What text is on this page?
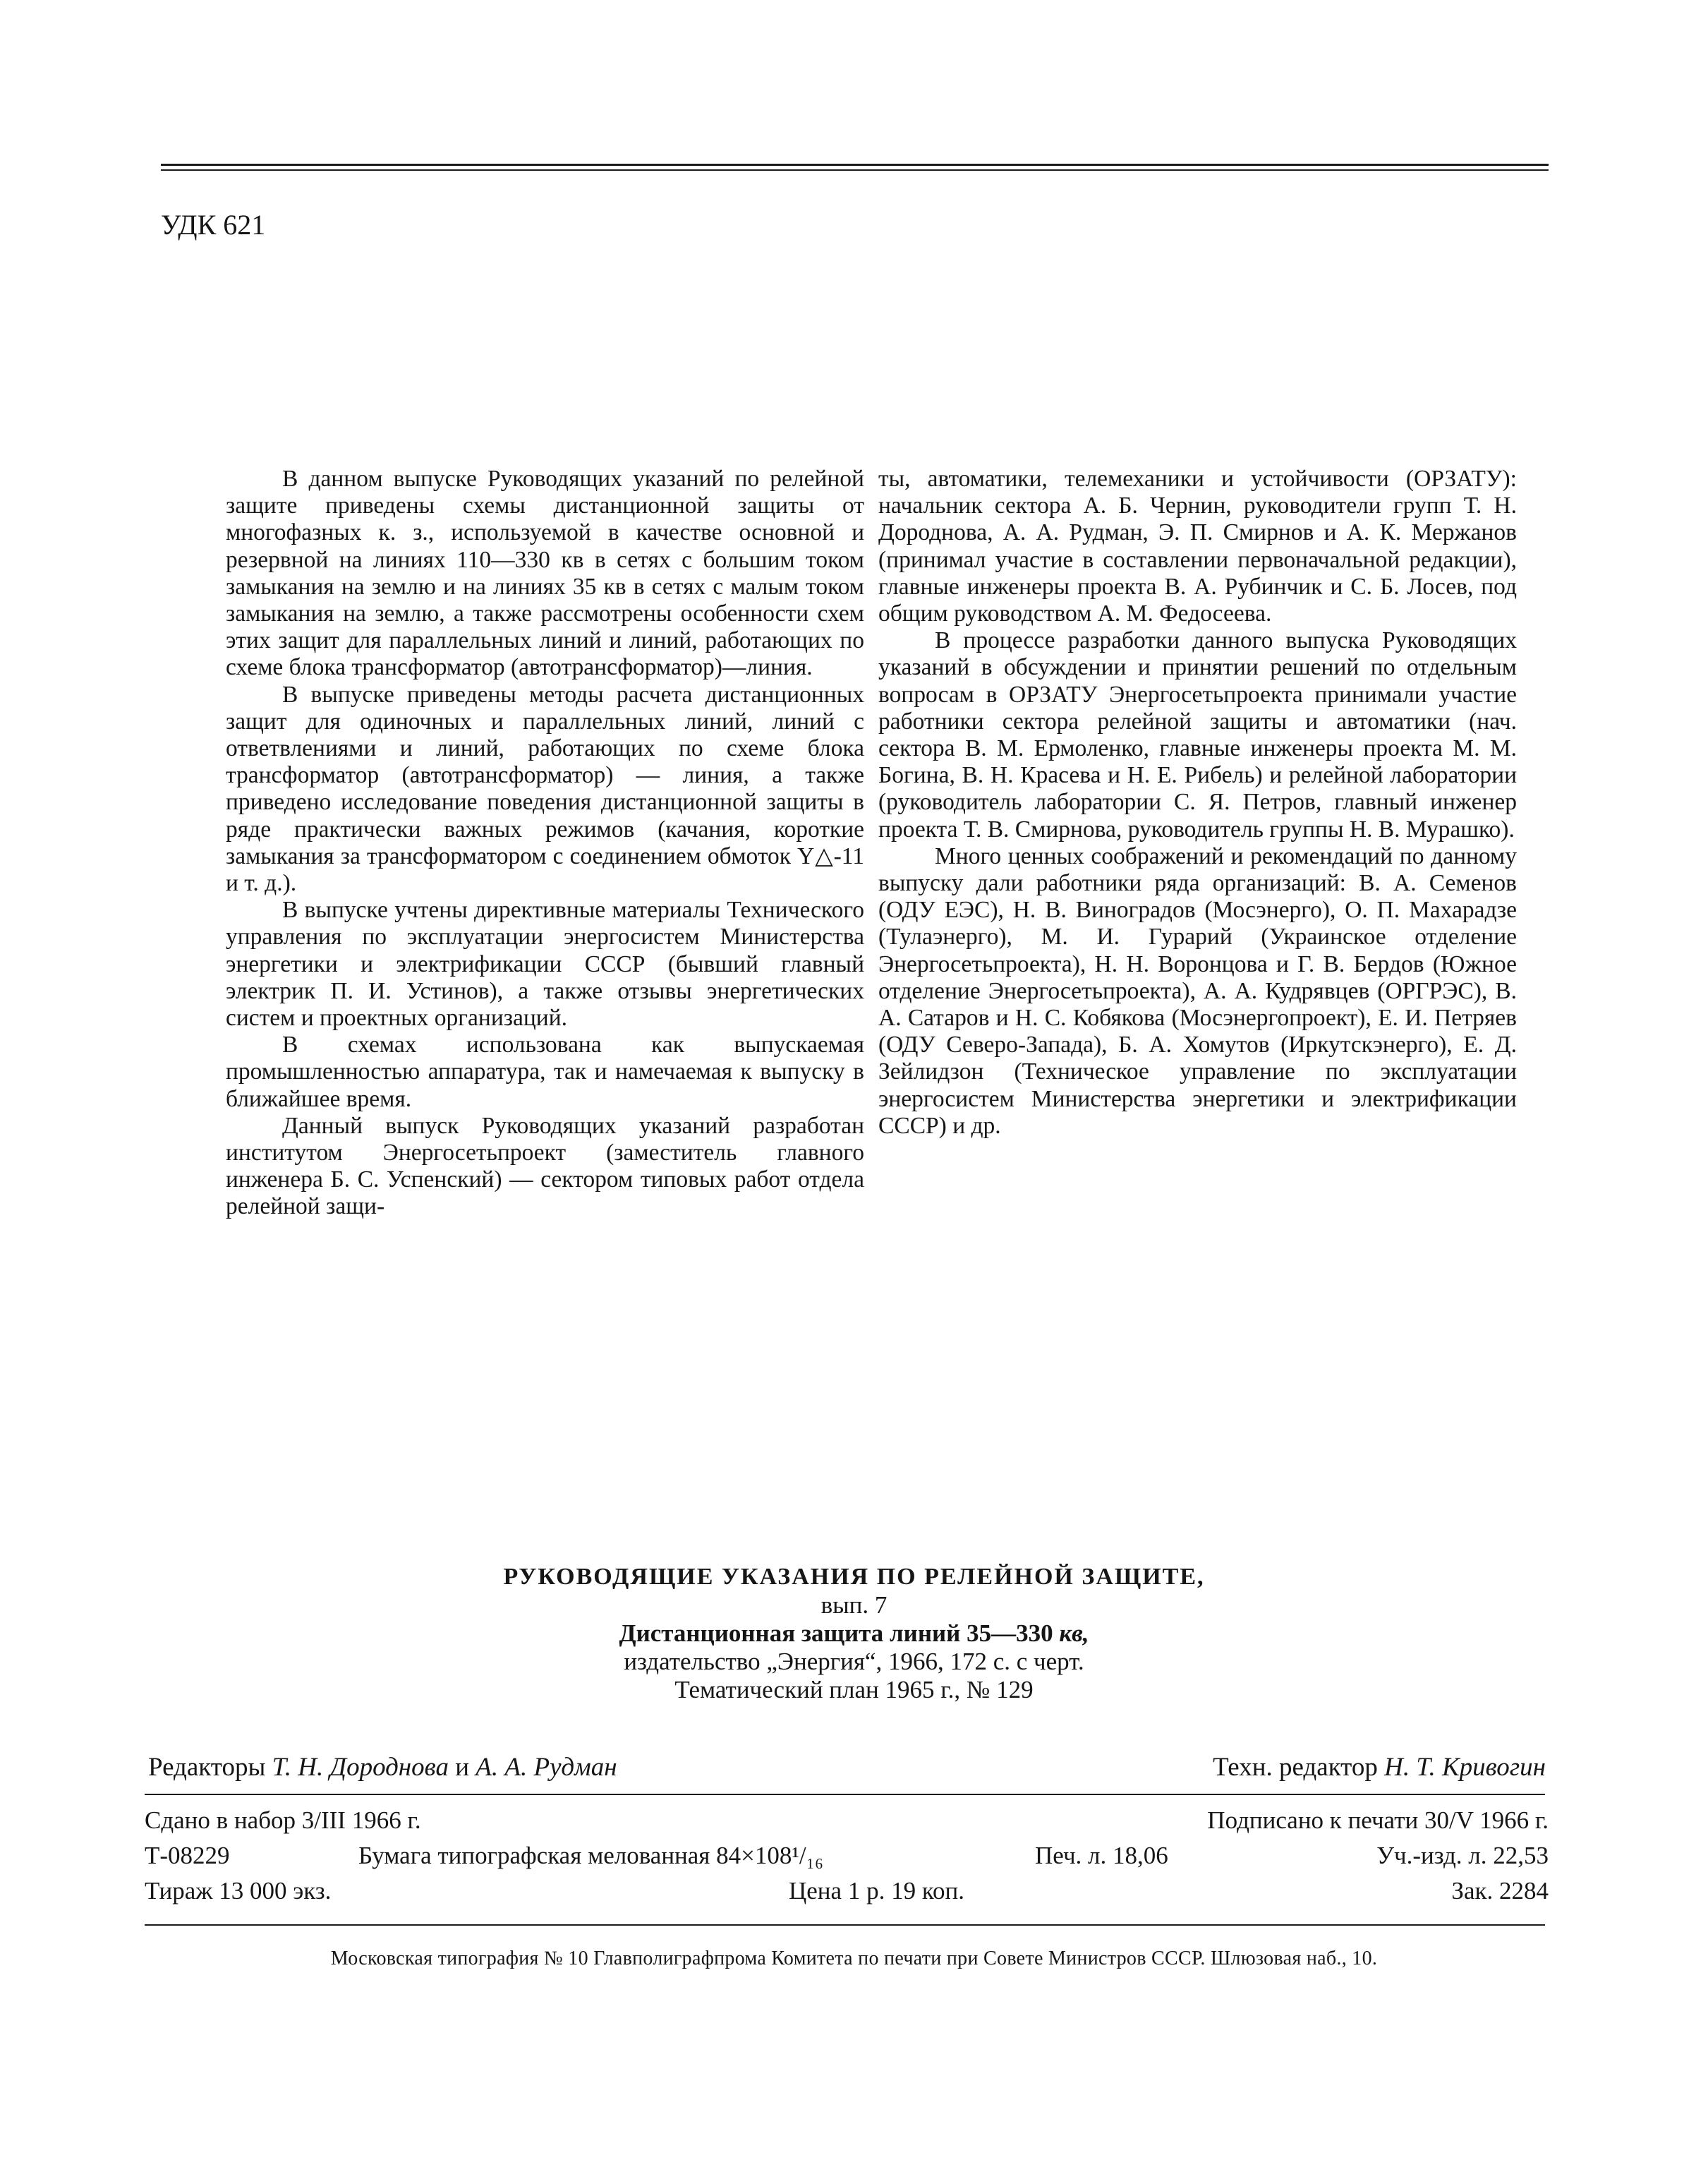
УДК 621

В данном выпуске Руководящих указаний по релейной защите приведены схемы дистанционной защиты от многофазных к. з., используемой в качестве основной и резервной на линиях 110—330 кв в сетях с большим током замыкания на землю и на линиях 35 кв в сетях с малым током замыкания на землю, а также рассмотрены особенности схем этих защит для параллельных линий и линий, работающих по схеме блока трансформатор (автотрансформатор)—линия.

В выпуске приведены методы расчета дистанционных защит для одиночных и параллельных линий, линий с ответвлениями и линий, работающих по схеме блока трансформатор (автотрансформатор) — линия, а также приведено исследование поведения дистанционной защиты в ряде практически важных режимов (качания, короткие замыкания за трансформатором с соединением обмоток Y△-11 и т. д.).

В выпуске учтены директивные материалы Технического управления по эксплуатации энергосистем Министерства энергетики и электрификации СССР (бывший главный электрик П. И. Устинов), а также отзывы энергетических систем и проектных организаций.

В схемах использована как выпускаемая промышленностью аппаратура, так и намечаемая к выпуску в ближайшее время.

Данный выпуск Руководящих указаний разработан институтом Энергосетьпроект (заместитель главного инженера Б. С. Успенский) — сектором типовых работ отдела релейной защи-

ты, автоматики, телемеханики и устойчивости (ОРЗАТУ): начальник сектора А. Б. Чернин, руководители групп Т. Н. Дороднова, А. А. Рудман, Э. П. Смирнов и А. К. Мержанов (принимал участие в составлении первоначальной редакции), главные инженеры проекта В. А. Рубинчик и С. Б. Лосев, под общим руководством А. М. Федосеева.

В процессе разработки данного выпуска Руководящих указаний в обсуждении и принятии решений по отдельным вопросам в ОРЗАТУ Энергосетьпроекта принимали участие работники сектора релейной защиты и автоматики (нач. сектора В. М. Ермоленко, главные инженеры проекта М. М. Богина, В. Н. Красева и Н. Е. Рибель) и релейной лаборатории (руководитель лаборатории С. Я. Петров, главный инженер проекта Т. В. Смирнова, руководитель группы Н. В. Мурашко).

Много ценных соображений и рекомендаций по данному выпуску дали работники ряда организаций: В. А. Семенов (ОДУ ЕЭС), Н. В. Виноградов (Мосэнерго), О. П. Махарадзе (Тулаэнерго), М. И. Гурарий (Украинское отделение Энергосетьпроекта), Н. Н. Воронцова и Г. В. Бердов (Южное отделение Энергосетьпроекта), А. А. Кудрявцев (ОРГРЭС), В. А. Сатаров и Н. С. Кобякова (Мосэнергопроект), Е. И. Петряев (ОДУ Северо-Запада), Б. А. Хомутов (Иркутскэнерго), Е. Д. Зейлидзон (Техническое управление по эксплуатации энергосистем Министерства энергетики и электрификации СССР) и др.

РУКОВОДЯЩИЕ УКАЗАНИЯ ПО РЕЛЕЙНОЙ ЗАЩИТЕ,
вып. 7
Дистанционная защита линий 35—330 кв,
издательство „Энергия“, 1966, 172 с. с черт.
Тематический план 1965 г., № 129
Редакторы Т. Н. Дороднова и А. А. Рудман	Техн. редактор Н. Т. Кривогин
Сдано в набор 3/III 1966 г.	Подписано к печати 30/V 1966 г.
Т-08229	Бумага типографская мелованная 84×108¹/₁₆	Печ. л. 18,06	Уч.-изд. л. 22,53
Тираж 13 000 экз.	Цена 1 р. 19 коп.	Зак. 2284
Московская типография № 10 Главполиграфпрома Комитета по печати при Совете Министров СССР. Шлюзовая наб., 10.
